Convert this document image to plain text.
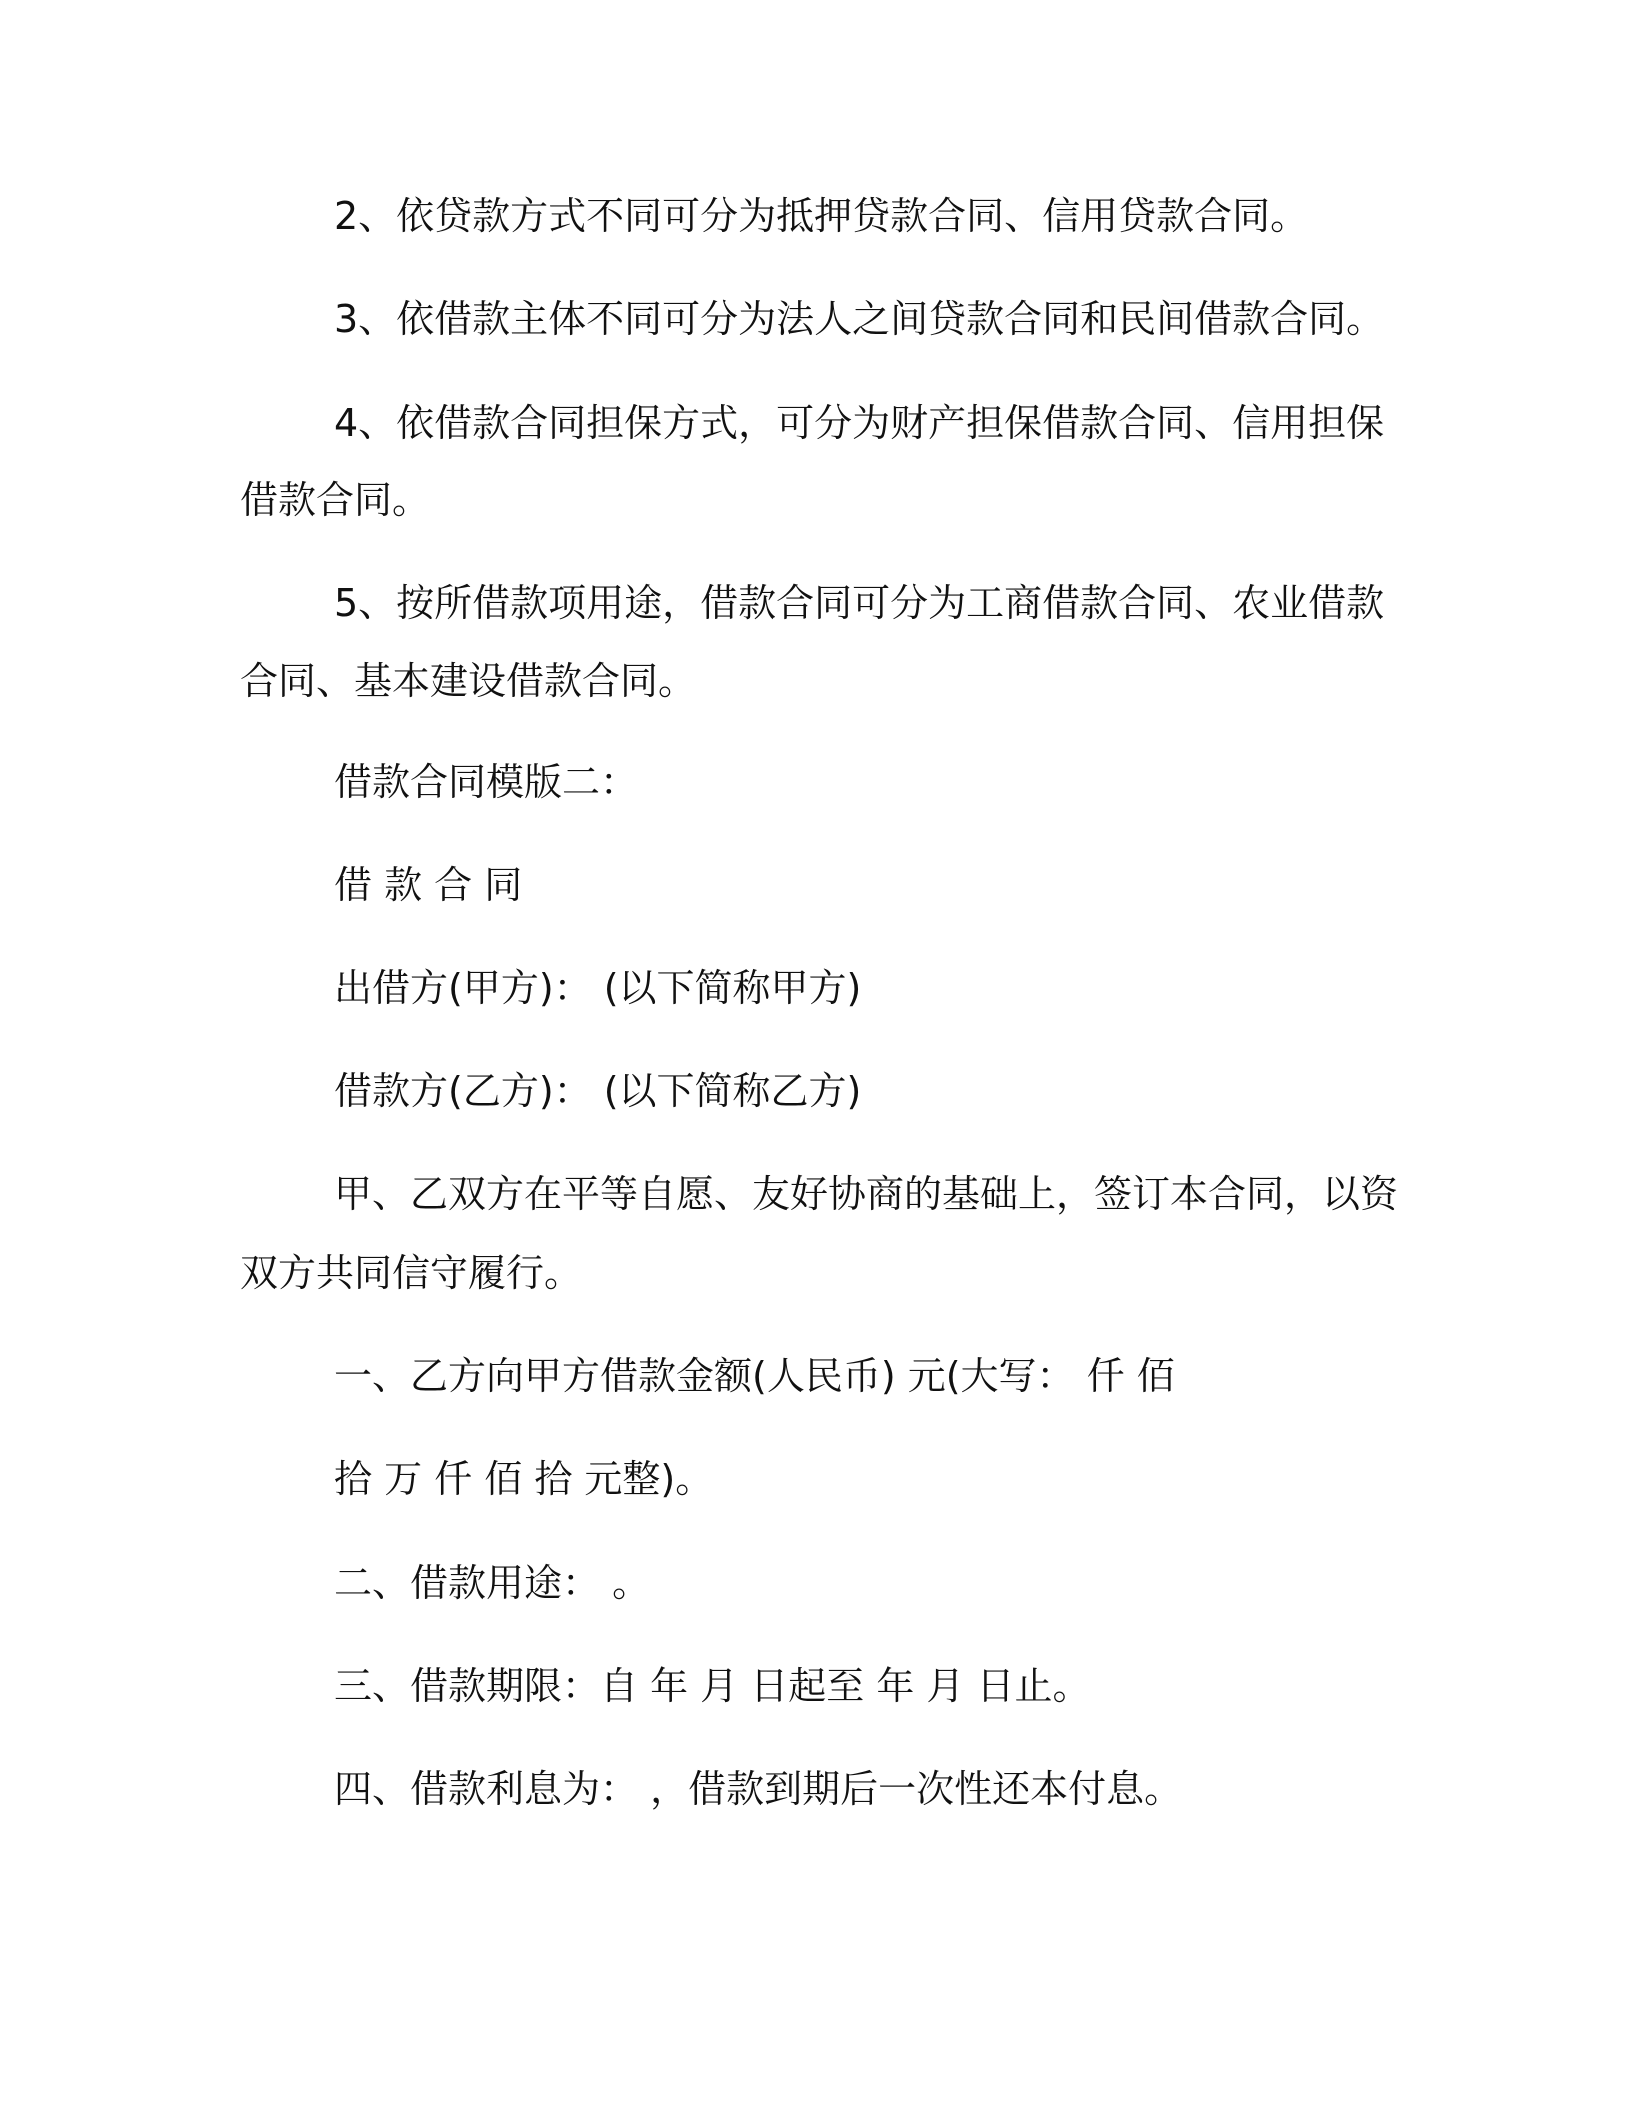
2、依贷款方式不同可分为抵押贷款合同、信用贷款合同。
3、依借款主体不同可分为法人之间贷款合同和民间借款合同。
4、依借款合同担保方式，可分为财产担保借款合同、信用担保
借款合同。
5、按所借款项用途，借款合同可分为工商借款合同、农业借款
合同、基本建设借款合同。
借款合同模版二：
借 款 合 同
出借方(甲方)： (以下简称甲方)
借款方(乙方)： (以下简称乙方)
甲、乙双方在平等自愿、友好协商的基础上，签订本合同，以资
双方共同信守履行。
一、乙方向甲方借款金额(人民币) 元(大写： 仟 佰
拾 万 仟 佰 拾 元整)。
二、借款用途： 。
三、借款期限：自 年 月 日起至 年 月 日止。
四、借款利息为： ，借款到期后一次性还本付息。
